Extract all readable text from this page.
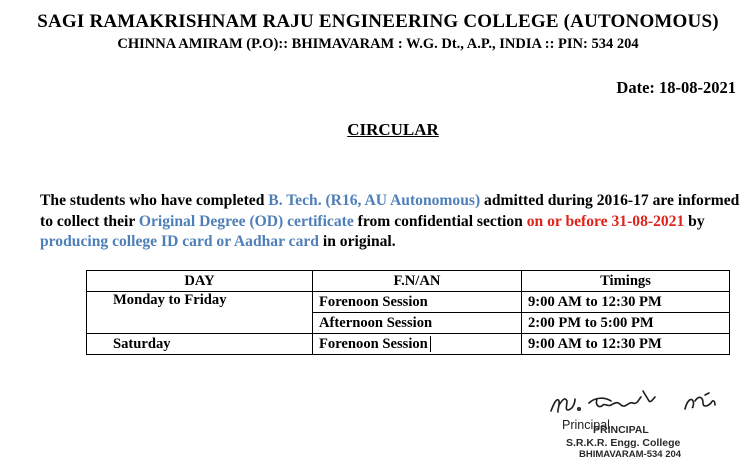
SAGI RAMAKRISHNAM RAJU ENGINEERING COLLEGE (AUTONOMOUS)
CHINNA AMIRAM (P.O):: BHIMAVARAM : W.G. Dt., A.P., INDIA :: PIN: 534 204
Date: 18-08-2021
CIRCULAR
The students who have completed B. Tech. (R16, AU Autonomous) admitted during 2016-17 are informed to collect their Original Degree (OD) certificate from confidential section on or before 31-08-2021 by producing college ID card or Aadhar card in original.
DAY	F.N/AN	Timings
Monday to Friday	Forenoon Session	9:00 AM to 12:30 PM
	Afternoon Session	2:00 PM to 5:00 PM
Saturday	Forenoon Session	9:00 AM to 12:30 PM
Principal
PRINCIPAL
S.R.K.R. Engg. College
BHIMAVARAM-534 204
